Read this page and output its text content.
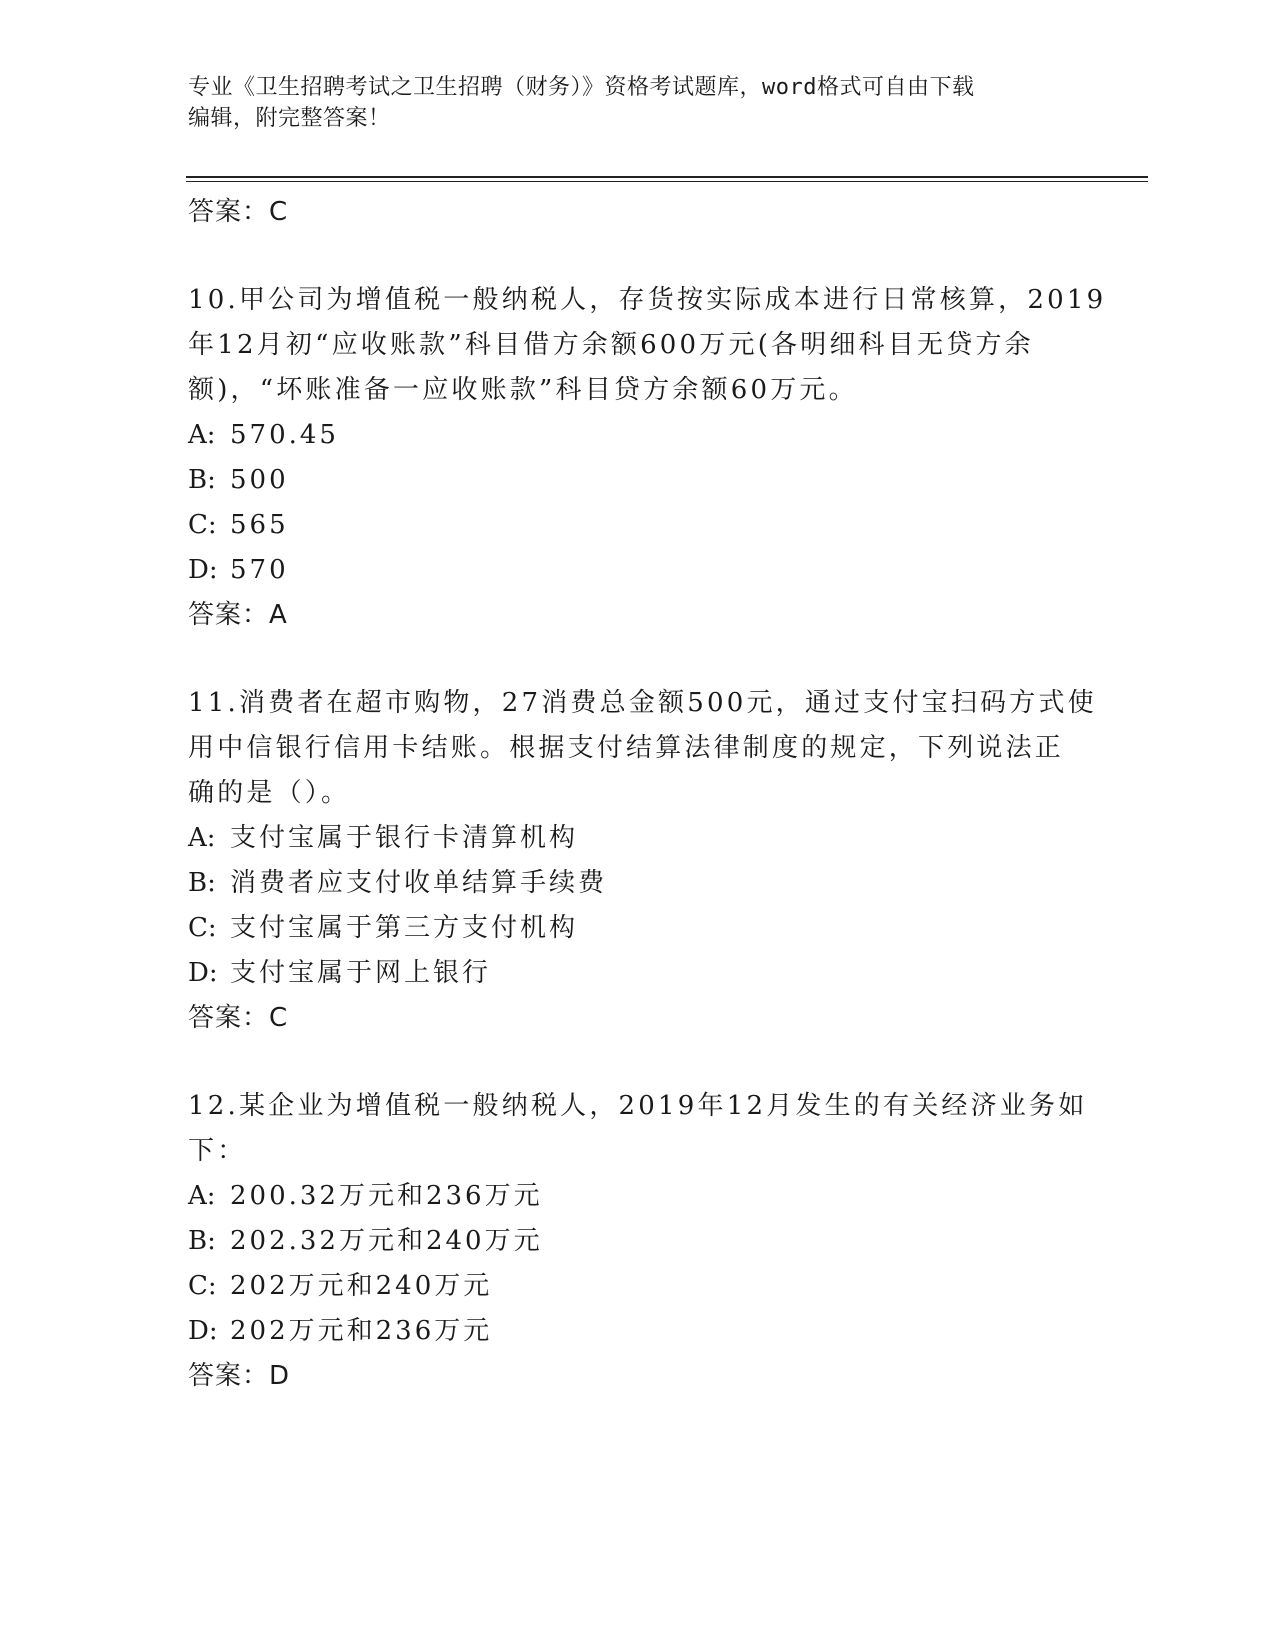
专业《卫生招聘考试之卫生招聘（财务）》资格考试题库，word格式可自由下载
编辑，附完整答案！
答案：C
10.甲公司为增值税一般纳税人，存货按实际成本进行日常核算，2019
年12月初“应收账款”科目借方余额600万元(各明细科目无贷方余
额)，“坏账准备一应收账款”科目贷方余额60万元。
A: 570.45
B: 500
C: 565
D: 570
答案：A
11.消费者在超市购物，27消费总金额500元，通过支付宝扫码方式使
用中信银行信用卡结账。根据支付结算法律制度的规定，下列说法正
确的是（）。
A: 支付宝属于银行卡清算机构
B: 消费者应支付收单结算手续费
C: 支付宝属于第三方支付机构
D: 支付宝属于网上银行
答案：C
12.某企业为增值税一般纳税人，2019年12月发生的有关经济业务如
下：
A: 200.32万元和236万元
B: 202.32万元和240万元
C: 202万元和240万元
D: 202万元和236万元
答案：D
